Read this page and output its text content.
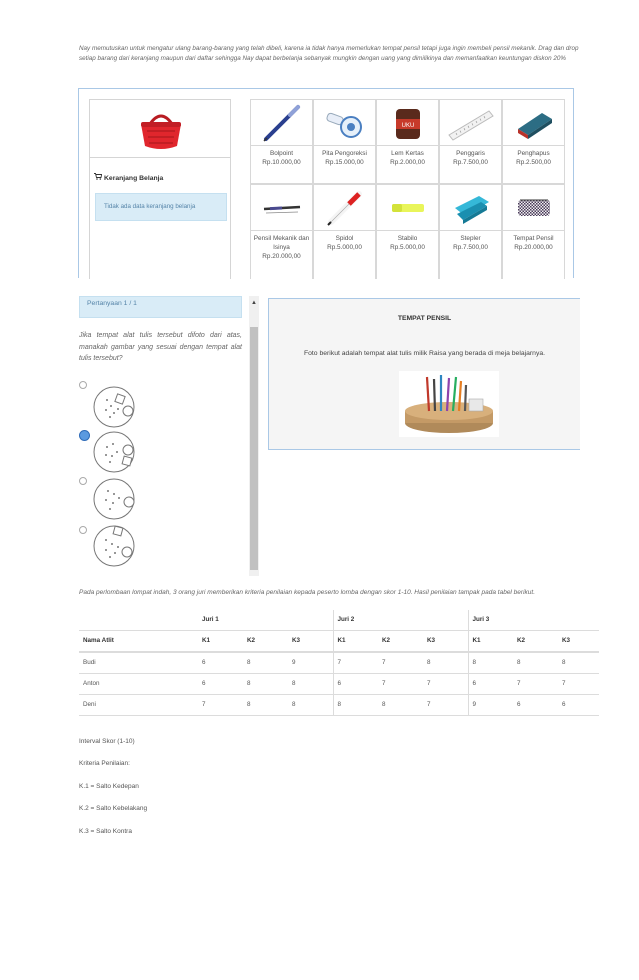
Nay memutuskan untuk mengatur ulang barang-barang yang telah dibeli, karena ia tidak hanya memerlukan tempat pensil tetapi juga ingin membeli pensil mekanik. Drag dan drop setiap barang dari keranjang maupun dari daftar sehingga Nay dapat berbelanja sebanyak mungkin dengan uang yang dimilikinya dan memanfaatkan keuntungan diskon 20%
Keranjang Belanja
Tidak ada data keranjang belanja
Bolpoint
Rp.10.000,00
Pita Pengoreksi
Rp.15.000,00
UKU
Lem Kertas
Rp.2.000,00
Penggaris
Rp.7.500,00
Penghapus
Rp.2.500,00
Pensil Mekanik dan Isinya
Rp.20.000,00
Spidol
Rp.5.000,00
Stabilo
Rp.5.000,00
Stepler
Rp.7.500,00
Tempat Pensil
Rp.20.000,00
Pertanyaan 1 / 1	▲
Jika tempat alat tulis tersebut difoto dari atas, manakah gambar yang sesuai dengan tempat alat tulis tersebut?
TEMPAT PENSIL
Foto berikut adalah tempat alat tulis milik Raisa yang berada di meja belajarnya.
Pada perlombaan lompat indah, 3 orang juri memberikan kriteria penilaian kepada peserto lomba dengan skor 1-10. Hasil penilaian tampak pada tabel berikut.
	Juri 1			Juri 2			Juri 3		
Nama Atlit	K1	K2	K3	K1	K2	K3	K1	K2	K3
Budi	6	8	9	7	7	8	8	8	8
Anton	6	8	8	6	7	7	6	7	7
Deni	7	8	8	8	8	7	9	6	6
Interval Skor (1-10)
Kriteria Penilaian:
K.1 = Salto Kedepan
K.2 = Salto Kebelakang
K.3 = Salto Kontra
